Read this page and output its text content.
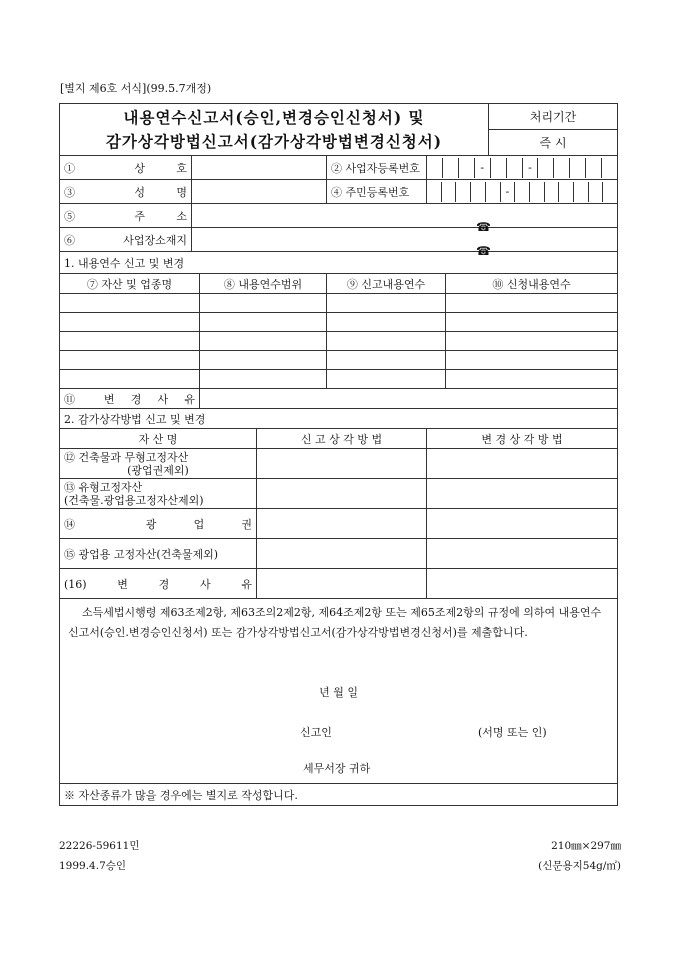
[별지 제6호 서식](99.5.7개정)
내용연수신고서(승인,변경승인신청서) 및
감가상각방법신고서(감가상각방법변경신청서)							처리기간
							즉 시
① 상 호				② 사업자등록번호	- -		

③ 성 명				④ 주민등록번호	-		

⑤ 주 소							
⑥ 사업장소재지							
1. 내용연수 신고 및 변경							
⑦ 자산 및 업종명		⑧ 내용연수범위		⑨ 신고내용연수		⑩ 신청내용연수	

⑪ 변 경 사 유							
2. 감가상각방법 신고 및 변경							
자 산 명			신 고 상 각 방 법		변 경 상 각 방 법		

⑫ 건축물과 무형고정자산
(광업권제외)							

⑬ 유형고정자산
(건축물.광업용고정자산제외)							

⑭ 광 업 권							
⑮ 광업용 고정자산(건축물제외)							
(16) 변 경 사 유							

소득세법시행령 제63조제2항, 제63조의2제2항, 제64조제2항 또는 제65조제2항의 규정에 의하여 내용연수신고서(승인.변경승인신청서) 또는 감가상각방법신고서(감가상각방법변경신청서)를 제출합니다.
년 월 일
신고인 (서명 또는 인)
세무서장 귀하							

※ 자산종류가 많을 경우에는 별지로 작성합니다.							
☎
☎
22226-59611민
1999.4.7승인
210㎜×297㎜
(신문용지54g/㎡)
